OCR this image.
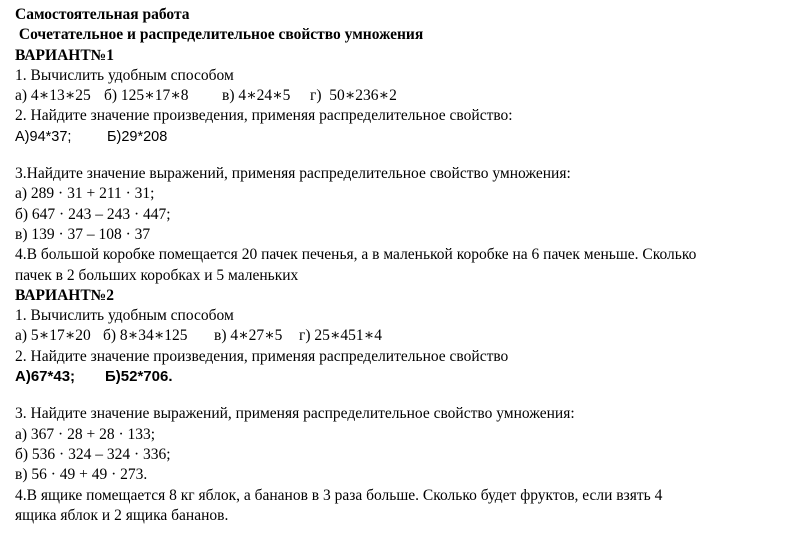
Самостоятельная работа
Сочетательное и распределительное свойство умножения
ВАРИАНТ№1
1. Вычислить удобным способом
а) 4∗13∗25 б) 125∗17∗8 в) 4∗24∗5 г)  50∗236∗2
2. Найдите значение произведения, применяя распределительное свойство:
А)94*37; Б)29*208
3.Найдите значение выражений, применяя распределительное свойство умножения:
а) 289 · 31 + 211 · 31;
б) 647 · 243 – 243 · 447;
в) 139 · 37 – 108 · 37
4.В большой коробке помещается 20 пачек печенья, а в маленькой коробке на 6 пачек меньше. Сколько
пачек в 2 больших коробках и 5 маленьких
ВАРИАНТ№2
1. Вычислить удобным способом
а) 5∗17∗20 б) 8∗34∗125 в) 4∗27∗5 г) 25∗451∗4
2. Найдите значение произведения, применяя распределительное свойство
А)67*43; Б)52*706.
3. Найдите значение выражений, применяя распределительное свойство умножения:
а) 367 · 28 + 28 · 133;
б) 536 · 324 – 324 · 336;
в) 56 · 49 + 49 · 273.
4.В ящике помещается 8 кг яблок, а бананов в 3 раза больше. Сколько будет фруктов, если взять 4
ящика яблок и 2 ящика бананов.
